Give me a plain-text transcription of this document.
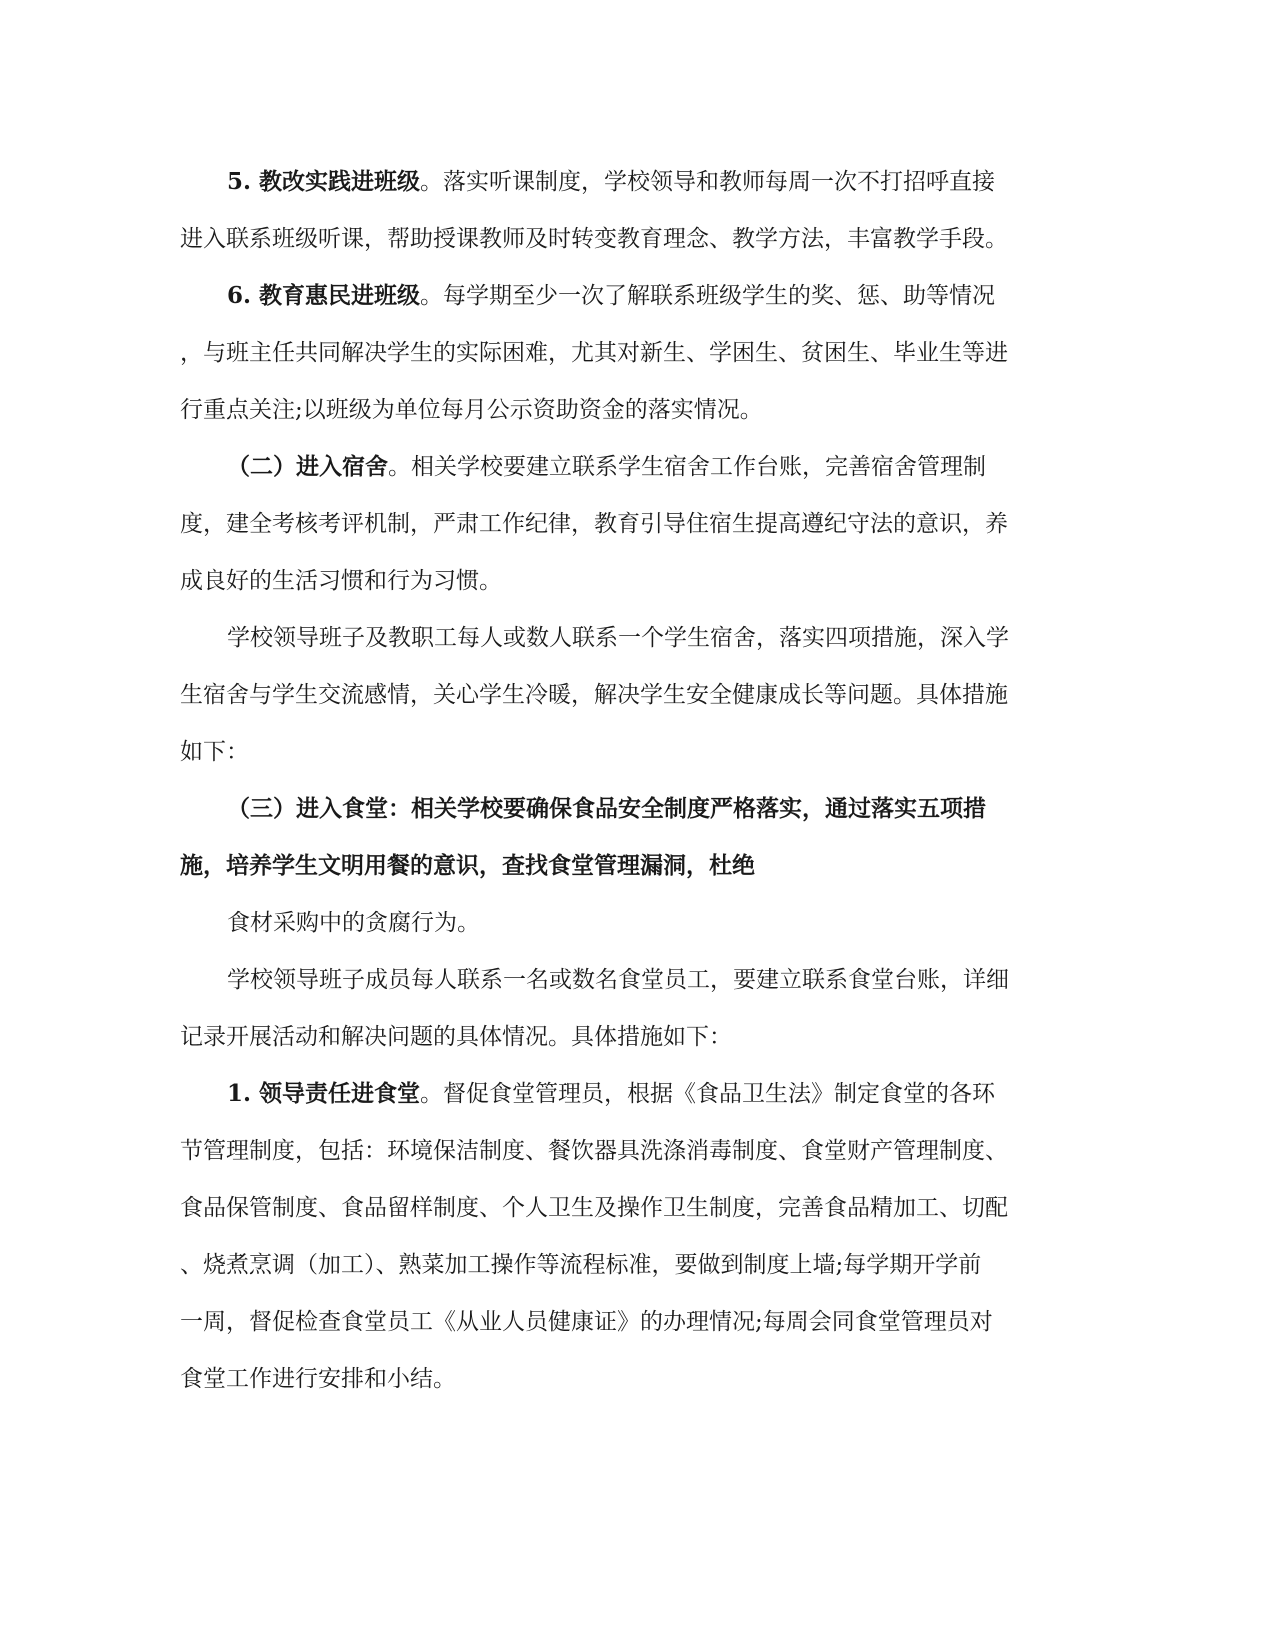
5. 教改实践进班级。落实听课制度，学校领导和教师每周一次不打招呼直接

进入联系班级听课，帮助授课教师及时转变教育理念、教学方法，丰富教学手段。

6. 教育惠民进班级。每学期至少一次了解联系班级学生的奖、惩、助等情况

，与班主任共同解决学生的实际困难，尤其对新生、学困生、贫困生、毕业生等进

行重点关注;以班级为单位每月公示资助资金的落实情况。

（二）进入宿舍。相关学校要建立联系学生宿舍工作台账，完善宿舍管理制

度，建全考核考评机制，严肃工作纪律，教育引导住宿生提高遵纪守法的意识，养

成良好的生活习惯和行为习惯。

学校领导班子及教职工每人或数人联系一个学生宿舍，落实四项措施，深入学

生宿舍与学生交流感情，关心学生冷暖，解决学生安全健康成长等问题。具体措施

如下：

（三）进入食堂：相关学校要确保食品安全制度严格落实，通过落实五项措

施，培养学生文明用餐的意识，查找食堂管理漏洞，杜绝

食材采购中的贪腐行为。

学校领导班子成员每人联系一名或数名食堂员工，要建立联系食堂台账，详细

记录开展活动和解决问题的具体情况。具体措施如下：

1. 领导责任进食堂。督促食堂管理员，根据《食品卫生法》制定食堂的各环

节管理制度，包括：环境保洁制度、餐饮器具洗涤消毒制度、食堂财产管理制度、

食品保管制度、食品留样制度、个人卫生及操作卫生制度，完善食品精加工、切配

、烧煮烹调（加工）、熟菜加工操作等流程标准，要做到制度上墙;每学期开学前

一周，督促检查食堂员工《从业人员健康证》的办理情况;每周会同食堂管理员对

食堂工作进行安排和小结。
